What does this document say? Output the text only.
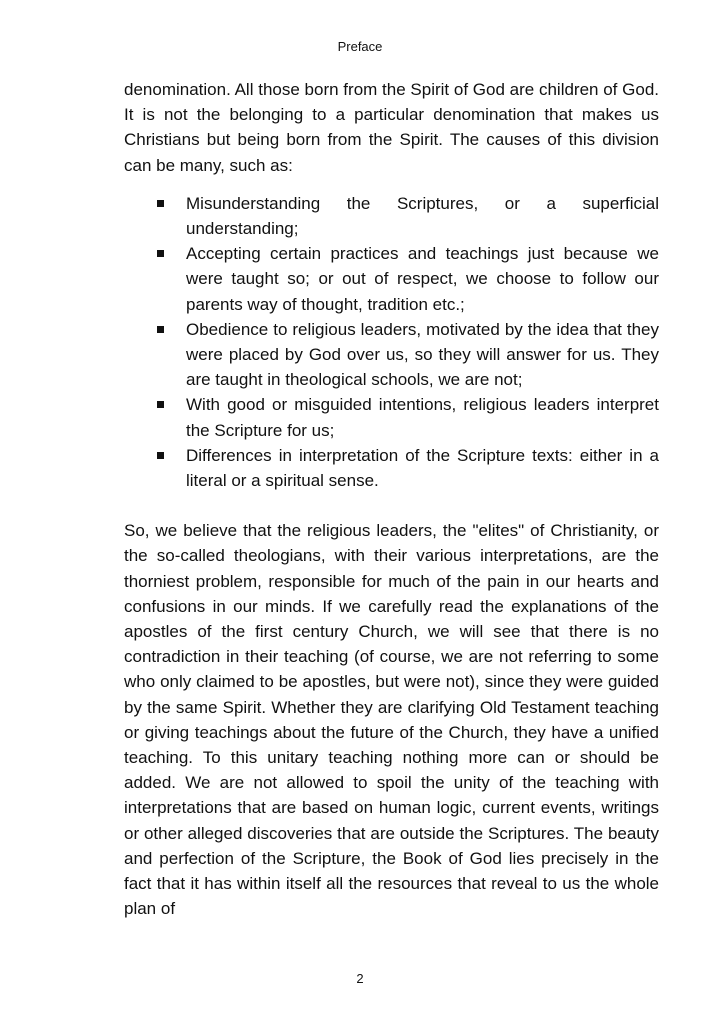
Preface

denomination. All those born from the Spirit of God are children of God. It is not the belonging to a particular denomination that makes us Christians but being born from the Spirit. The causes of this division can be many, such as:

Misunderstanding the Scriptures, or a superficial understanding;
Accepting certain practices and teachings just because we were taught so; or out of respect, we choose to follow our parents way of thought, tradition etc.;
Obedience to religious leaders, motivated by the idea that they were placed by God over us, so they will answer for us. They are taught in theological schools, we are not;
With good or misguided intentions, religious leaders interpret the Scripture for us;
Differences in interpretation of the Scripture texts: either in a literal or a spiritual sense.

So, we believe that the religious leaders, the "elites" of Christianity, or the so-called theologians, with their various interpretations, are the thorniest problem, responsible for much of the pain in our hearts and confusions in our minds. If we carefully read the explanations of the apostles of the first century Church, we will see that there is no contradiction in their teaching (of course, we are not referring to some who only claimed to be apostles, but were not), since they were guided by the same Spirit. Whether they are clarifying Old Testament teaching or giving teachings about the future of the Church, they have a unified teaching. To this unitary teaching nothing more can or should be added. We are not allowed to spoil the unity of the teaching with interpretations that are based on human logic, current events, writings or other alleged discoveries that are outside the Scriptures. The beauty and perfection of the Scripture, the Book of God lies precisely in the fact that it has within itself all the resources that reveal to us the whole plan of

2
